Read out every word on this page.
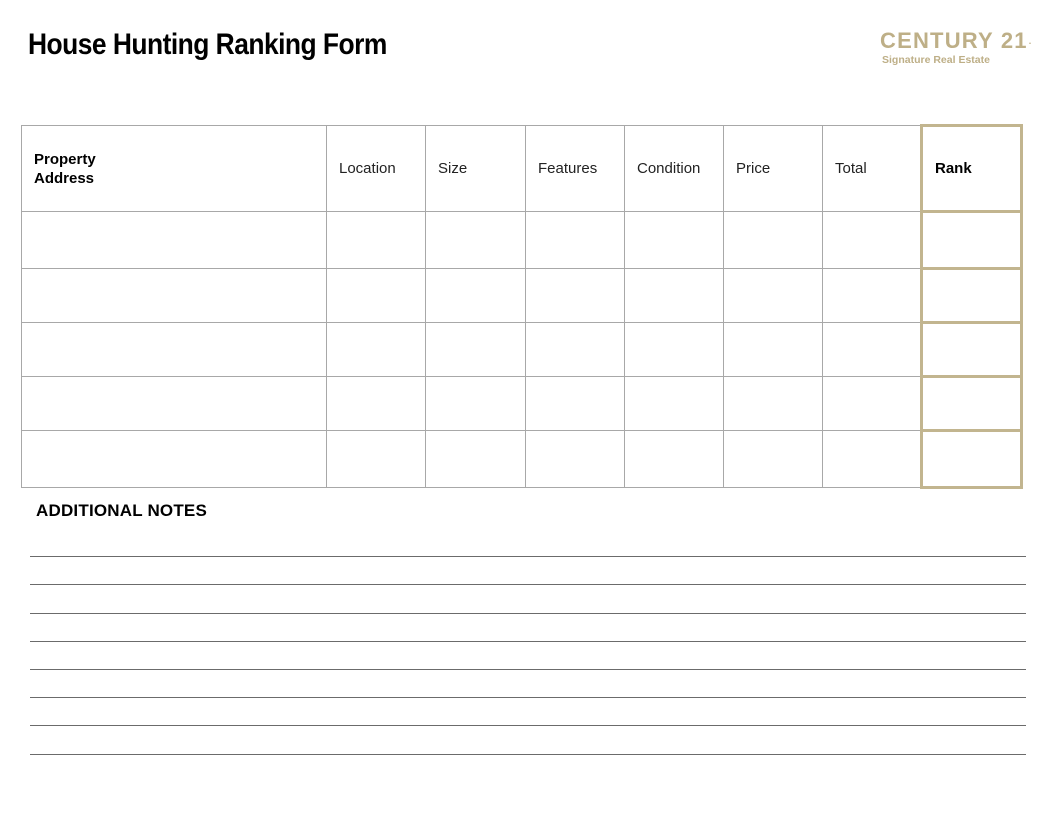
House Hunting Ranking Form	CENTURY 21.
Signature Real Estate
Property
Address	Location	Size	Features	Condition	Price	Total	Rank

ADDITIONAL NOTES
